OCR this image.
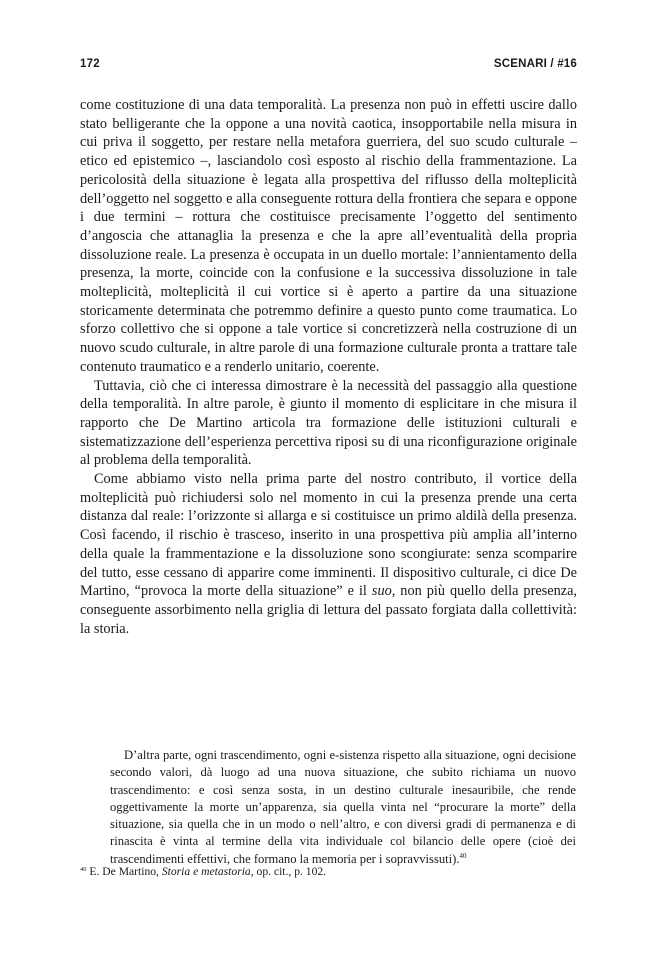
172	SCENARI / #16

come costituzione di una data temporalità. La presenza non può in effetti uscire dallo stato belligerante che la oppone a una novità caotica, insopportabile nella misura in cui priva il soggetto, per restare nella metafora guerriera, del suo scudo culturale – etico ed epistemico –, lasciandolo così esposto al rischio della frammentazione. La pericolosità della situazione è legata alla prospettiva del riflusso della molteplicità dell’oggetto nel soggetto e alla conseguente rottura della frontiera che separa e oppone i due termini – rottura che costituisce precisamente l’oggetto del sentimento d’angoscia che attanaglia la presenza e che la apre all’eventualità della propria dissoluzione reale. La presenza è occupata in un duello mortale: l’annientamento della presenza, la morte, coincide con la confusione e la successiva dissoluzione in tale molteplicità, molteplicità il cui vortice si è aperto a partire da una situazione storicamente determinata che potremmo definire a questo punto come traumatica. Lo sforzo collettivo che si oppone a tale vortice si concretizzerà nella costruzione di un nuovo scudo culturale, in altre parole di una formazione culturale pronta a trattare tale contenuto traumatico e a renderlo unitario, coerente.

Tuttavia, ciò che ci interessa dimostrare è la necessità del passaggio alla questione della temporalità. In altre parole, è giunto il momento di esplicitare in che misura il rapporto che De Martino articola tra formazione delle istituzioni culturali e sistematizzazione dell’esperienza percettiva riposi su di una riconfigurazione originale al problema della temporalità.

Come abbiamo visto nella prima parte del nostro contributo, il vortice della molteplicità può richiudersi solo nel momento in cui la presenza prende una certa distanza dal reale: l’orizzonte si allarga e si costituisce un primo aldilà della presenza. Così facendo, il rischio è trasceso, inserito in una prospettiva più amplia all’interno della quale la frammentazione e la dissoluzione sono scongiurate: senza scomparire del tutto, esse cessano di apparire come imminenti. Il dispositivo culturale, ci dice De Martino, “provoca la morte della situazione” e il suo, non più quello della presenza, conseguente assorbimento nella griglia di lettura del passato forgiata dalla collettività: la storia.

D’altra parte, ogni trascendimento, ogni e-sistenza rispetto alla situazione, ogni decisione secondo valori, dà luogo ad una nuova situazione, che subito richiama un nuovo trascendimento: e così senza sosta, in un destino culturale inesauribile, che rende oggettivamente la morte un’apparenza, sia quella vinta nel “procurare la morte” della situazione, sia quella che in un modo o nell’altro, e con diversi gradi di permanenza e di rinascita è vinta al termine della vita individuale col bilancio delle opere (cioè dei trascendimenti effettivi, che formano la memoria per i sopravvissuti).$^{40}$

$^{40}$ E. De Martino, Storia e metastoria, op. cit., p. 102.
